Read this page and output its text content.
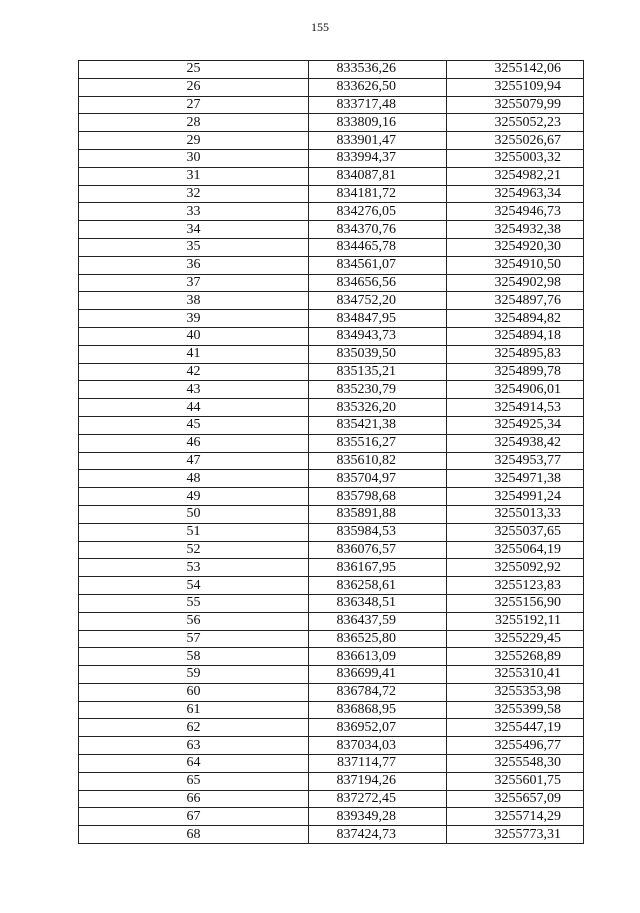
155
25	833536,26	3255142,06
26	833626,50	3255109,94
27	833717,48	3255079,99
28	833809,16	3255052,23
29	833901,47	3255026,67
30	833994,37	3255003,32
31	834087,81	3254982,21
32	834181,72	3254963,34
33	834276,05	3254946,73
34	834370,76	3254932,38
35	834465,78	3254920,30
36	834561,07	3254910,50
37	834656,56	3254902,98
38	834752,20	3254897,76
39	834847,95	3254894,82
40	834943,73	3254894,18
41	835039,50	3254895,83
42	835135,21	3254899,78
43	835230,79	3254906,01
44	835326,20	3254914,53
45	835421,38	3254925,34
46	835516,27	3254938,42
47	835610,82	3254953,77
48	835704,97	3254971,38
49	835798,68	3254991,24
50	835891,88	3255013,33
51	835984,53	3255037,65
52	836076,57	3255064,19
53	836167,95	3255092,92
54	836258,61	3255123,83
55	836348,51	3255156,90
56	836437,59	3255192,11
57	836525,80	3255229,45
58	836613,09	3255268,89
59	836699,41	3255310,41
60	836784,72	3255353,98
61	836868,95	3255399,58
62	836952,07	3255447,19
63	837034,03	3255496,77
64	837114,77	3255548,30
65	837194,26	3255601,75
66	837272,45	3255657,09
67	839349,28	3255714,29
68	837424,73	3255773,31
